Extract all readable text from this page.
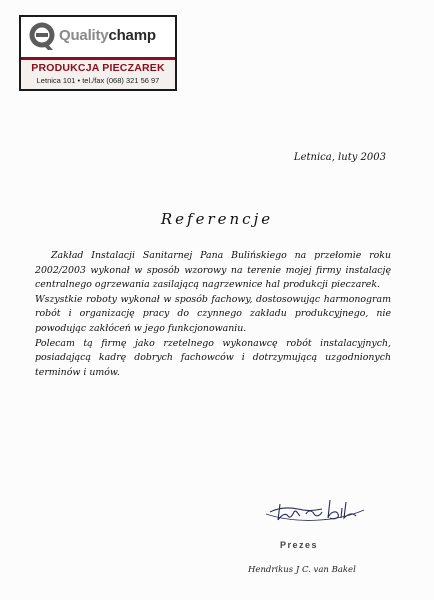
Qualitychamp
PRODUKCJA PIECZAREK
Letnica 101 • tel./fax (068) 321 56 97
Letnica, luty 2003
Referencje

Zakład Instalacji Sanitarnej Pana Bulińskiego na przełomie roku 2002/2003 wykonał w sposób wzorowy na terenie mojej firmy instalację centralnego ogrzewania zasilającą nagrzewnice hal produkcji pieczarek.

Wszystkie roboty wykonał w sposób fachowy, dostosowując harmonogram robót i organizację pracy do czynnego zakładu produkcyjnego, nie powodując zakłóceń w jego funkcjonowaniu.

Polecam tą firmę jako rzetelnego wykonawcę robót instalacyjnych, posiadającą kadrę dobrych fachowców i dotrzymującą uzgodnionych terminów i umów.

Prezes
Hendrikus J C. van Bakel
